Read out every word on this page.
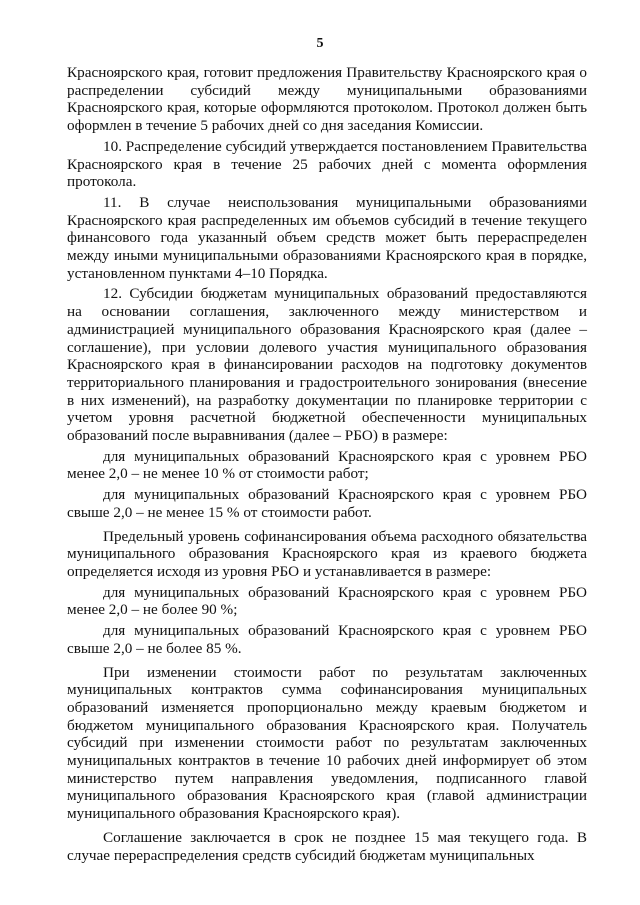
5

Красноярского края, готовит предложения Правительству Красноярского края о распределении субсидий между муниципальными образованиями Красноярского края, которые оформляются протоколом. Протокол должен быть оформлен в течение 5 рабочих дней со дня заседания Комиссии.

10. Распределение субсидий утверждается постановлением Правительства Красноярского края в течение 25 рабочих дней с момента оформления протокола.

11. В случае неиспользования муниципальными образованиями Красноярского края распределенных им объемов субсидий в течение текущего финансового года указанный объем средств может быть перераспределен между иными муниципальными образованиями Красноярского края в порядке, установленном пунктами 4–10 Порядка.

12. Субсидии бюджетам муниципальных образований предоставляются на основании соглашения, заключенного между министерством и администрацией муниципального образования Красноярского края (далее – соглашение), при условии долевого участия муниципального образования Красноярского края в финансировании расходов на подготовку документов территориального планирования и градостроительного зонирования (внесение в них изменений), на разработку документации по планировке территории с учетом уровня расчетной бюджетной обеспеченности муниципальных образований после выравнивания (далее – РБО) в размере:

для муниципальных образований Красноярского края с уровнем РБО менее 2,0 – не менее 10 % от стоимости работ;

для муниципальных образований Красноярского края с уровнем РБО свыше 2,0 – не менее 15 % от стоимости работ.

Предельный уровень софинансирования объема расходного обязательства муниципального образования Красноярского края из краевого бюджета определяется исходя из уровня РБО и устанавливается в размере:

для муниципальных образований Красноярского края с уровнем РБО менее 2,0 – не более 90 %;

для муниципальных образований Красноярского края с уровнем РБО свыше 2,0 – не более 85 %.

При изменении стоимости работ по результатам заключенных муниципальных контрактов сумма софинансирования муниципальных образований изменяется пропорционально между краевым бюджетом и бюджетом муниципального образования Красноярского края. Получатель субсидий при изменении стоимости работ по результатам заключенных муниципальных контрактов в течение 10 рабочих дней информирует об этом министерство путем направления уведомления, подписанного главой муниципального образования Красноярского края (главой администрации муниципального образования Красноярского края).

Соглашение заключается в срок не позднее 15 мая текущего года. В случае перераспределения средств субсидий бюджетам муниципальных
